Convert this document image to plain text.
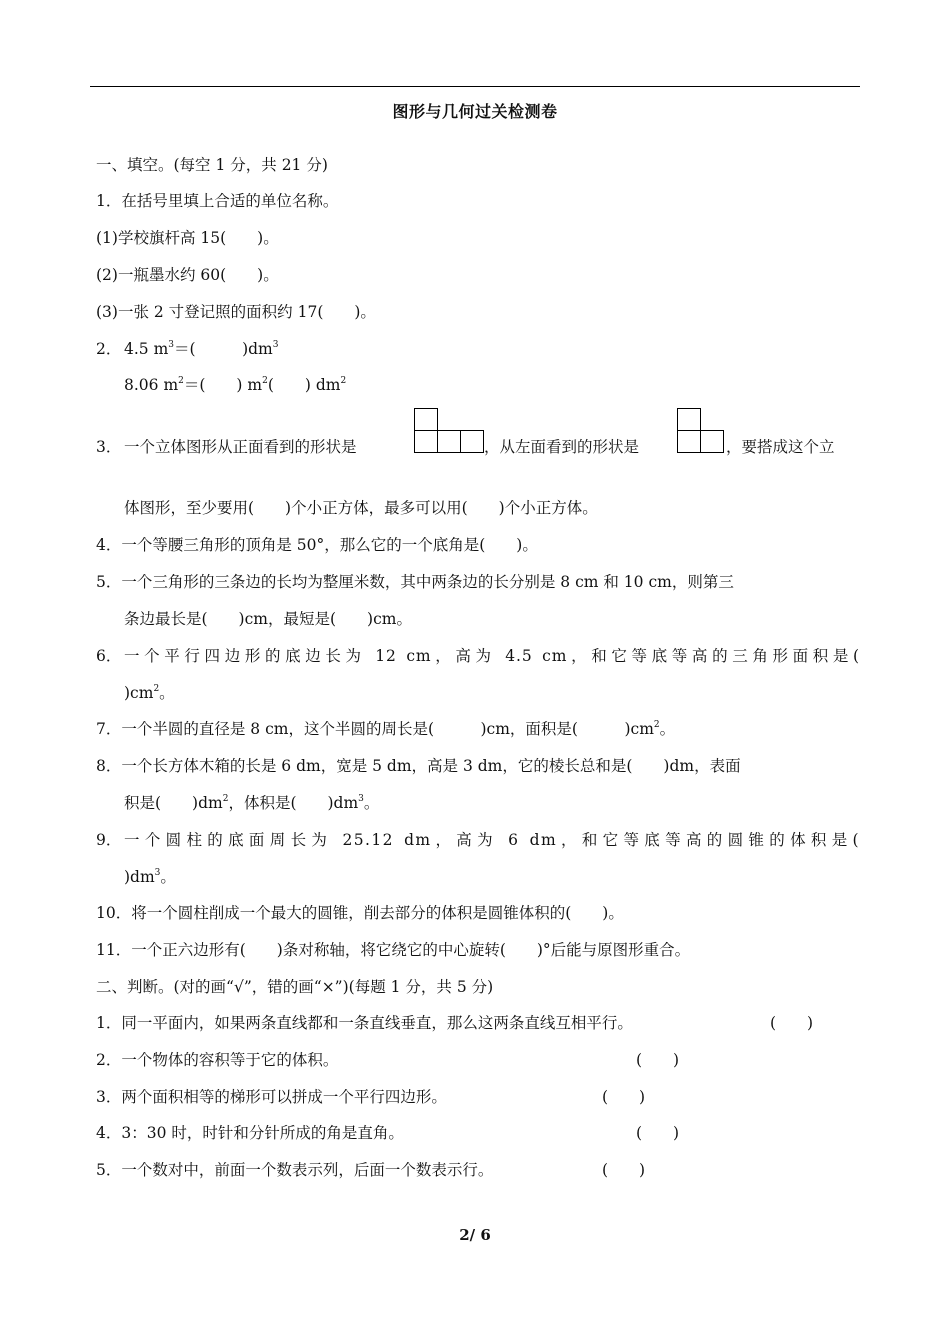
图形与几何过关检测卷
一、填空。(每空 1 分，共 21 分)
1．在括号里填上合适的单位名称。
(1)学校旗杆高 15(　　)。
(2)一瓶墨水约 60(　　)。
(3)一张 2 寸登记照的面积约 17(　　)。
2． 4.5 $m^3=$(　　　)$dm^3$
8.06 $m^2=$(　　) $m^2$(　　) $dm^2$
3． 一个立体图形从正面看到的形状是	，从左面看到的形状是	，要搭成这个立
体图形，至少要用(　　)个小正方体，最多可以用(　　)个小正方体。
4．一个等腰三角形的顶角是 50°，那么它的一个底角是(　　)。
5．一个三角形的三条边的长均为整厘米数，其中两条边的长分别是 8 cm 和 10 cm，则第三
条边最长是(　　)cm，最短是(　　)cm。
6． 一个平行四边形的底边长为 12 cm，高为 4.5 cm，和它等底等高的三角形面积是(
)$cm^2$。
7．一个半圆的直径是 8 cm，这个半圆的周长是(　　　)cm，面积是(　　　)$cm^2$。
8．一个长方体木箱的长是 6 dm，宽是 5 dm，高是 3 dm，它的棱长总和是(　　)dm，表面
积是(　　)$dm^2$，体积是(　　)$dm^3$。
9． 一个圆柱的底面周长为 25.12 dm，高为 6 dm，和它等底等高的圆锥的体积是(
)$dm^3$。
10．将一个圆柱削成一个最大的圆锥，削去部分的体积是圆锥体积的(　　)。
11．一个正六边形有(　　)条对称轴，将它绕它的中心旋转(　　)°后能与原图形重合。
二、判断。(对的画“√”，错的画“×”)(每题 1 分，共 5 分)
1．同一平面内，如果两条直线都和一条直线垂直，那么这两条直线互相平行。	(　　)
2．一个物体的容积等于它的体积。	(　　)
3．两个面积相等的梯形可以拼成一个平行四边形。	(　　)
4．3：30 时，时针和分针所成的角是直角。	(　　)
5．一个数对中，前面一个数表示列，后面一个数表示行。	(　　)
2/ 6
